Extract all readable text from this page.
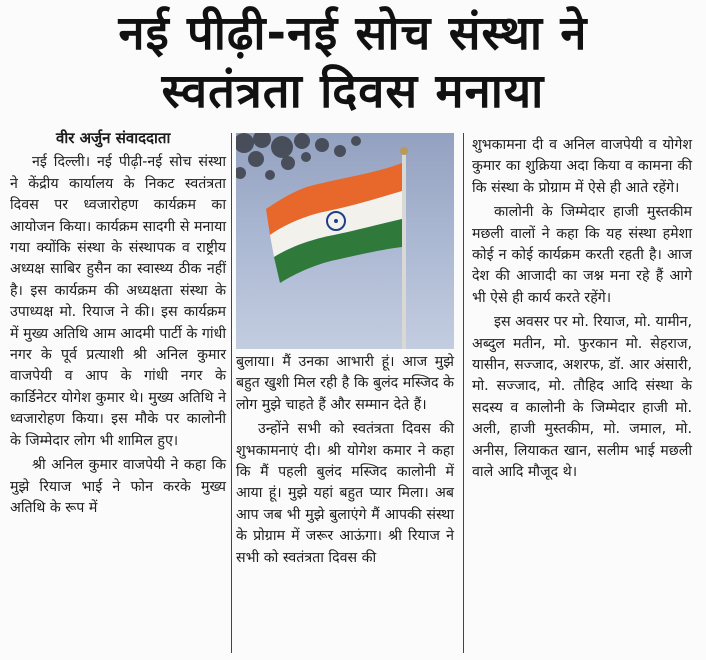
नई पीढ़ी-नई सोच संस्था ने
स्वतंत्रता दिवस मनाया

वीर अर्जुन संवाददाता

नई दिल्ली। नई पीढ़ी-नई सोच संस्था ने केंद्रीय कार्यालय के निकट स्वतंत्रता दिवस पर ध्वजारोहण कार्यक्रम का आयोजन किया। कार्यक्रम सादगी से मनाया गया क्योंकि संस्था के संस्थापक व राष्ट्रीय अध्यक्ष साबिर हुसैन का स्वास्थ्य ठीक नहीं है। इस कार्यक्रम की अध्यक्षता संस्था के उपाध्यक्ष मो. रियाज ने की। इस कार्यक्रम में मुख्य अतिथि आम आदमी पार्टी के गांधी नगर के पूर्व प्रत्याशी श्री अनिल कुमार वाजपेयी व आप के गांधी नगर के कार्डिनेटर योगेश कुमार थे। मुख्य अतिथि ने ध्वजारोहण किया। इस मौके पर कालोनी के जिम्मेदार लोग भी शामिल हुए।

श्री अनिल कुमार वाजपेयी ने कहा कि मुझे रियाज भाई ने फोन करके मुख्य अतिथि के रूप में

बुलाया। मैं उनका आभारी हूं। आज मुझे बहुत खुशी मिल रही है कि बुलंद मस्जिद के लोग मुझे चाहते हैं और सम्मान देते हैं।

उन्होंने सभी को स्वतंत्रता दिवस की शुभकामनाएं दी। श्री योगेश कमार ने कहा कि मैं पहली बुलंद मस्जिद कालोनी में आया हूं। मुझे यहां बहुत प्यार मिला। अब आप जब भी मुझे बुलाएंगे मैं आपकी संस्था के प्रोग्राम में जरूर आऊंगा। श्री रियाज ने सभी को स्वतंत्रता दिवस की

शुभकामना दी व अनिल वाजपेयी व योगेश कुमार का शुक्रिया अदा किया व कामना की कि संस्था के प्रोग्राम में ऐसे ही आते रहेंगे।

कालोनी के जिम्मेदार हाजी मुस्तकीम मछली वालों ने कहा कि यह संस्था हमेशा कोई न कोई कार्यक्रम करती रहती है। आज देश की आजादी का जश्न मना रहे हैं आगे भी ऐसे ही कार्य करते रहेंगे।

इस अवसर पर मो. रियाज, मो. यामीन, अब्दुल मतीन, मो. फुरकान मो. सेहराज, यासीन, सज्जाद, अशरफ, डॉ. आर अंसारी, मो. सज्जाद, मो. तौहिद आदि संस्था के सदस्य व कालोनी के जिम्मेदार हाजी मो. अली, हाजी मुस्तकीम, मो. जमाल, मो. अनीस, लियाकत खान, सलीम भाई मछली वाले आदि मौजूद थे।
